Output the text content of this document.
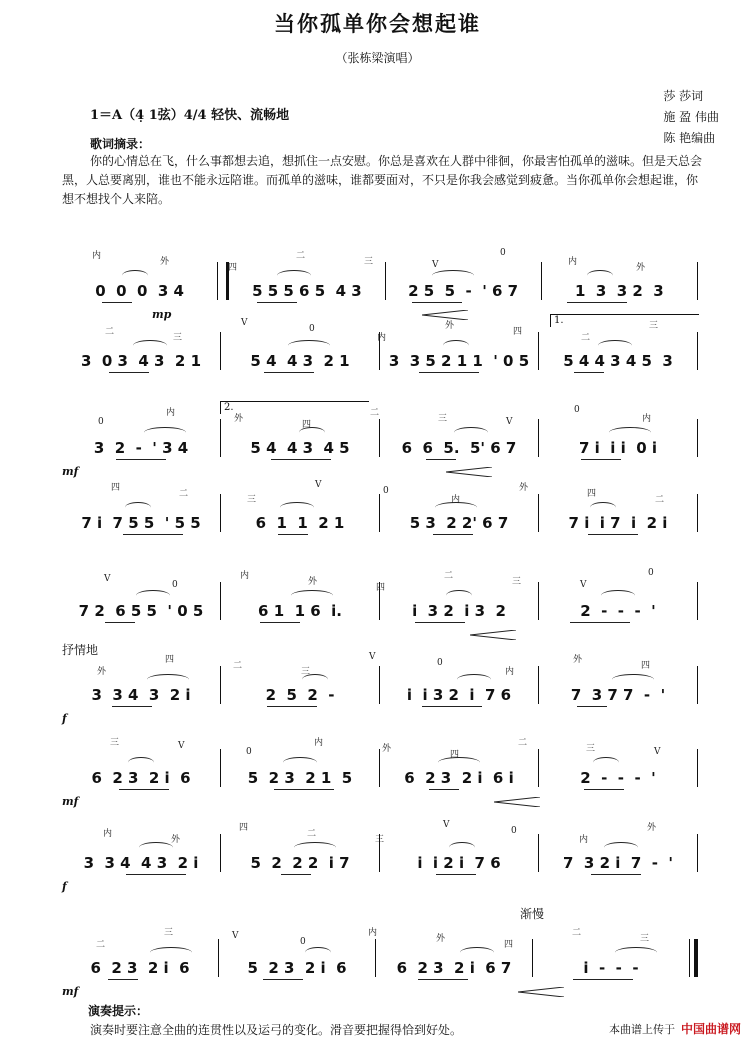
当你孤单你会想起谁
（张栋梁演唱）
莎 莎词
施 盈 伟曲
陈 艳编曲
1＝A（4̣ 1弦）4/4 轻快、流畅地
歌词摘录：
你的心情总在飞，什么事都想去追，想抓住一点安慰。你总是喜欢在人群中徘徊，你最害怕孤单的滋味。但是天总会黑，人总要离别，谁也不能永远陪谁。而孤单的滋味，谁都要面对，不只是你我会感觉到疲惫。当你孤单你会想起谁，你想不想找个人来陪。
内
外
四
二
三	V
0
内
外
0  0  0  3 4	5 5 5 6 5  4 3	2 5  5  -  ' 6 7	1  3  3 2  3
mp
二
三
V
0
内
外
四
二
三
3  0 3  4 3  2 1	5 4  4 3  2 1	3  3 5 2 1 1  ' 0 5 5 4 4 3 4 5  3
1.
0
内
外
四
二
三	V
0
内
3  2  -  ' 3 4	5 4  4 3  4 5	6  6  5.  5' 6 7	7 i  i i  0 i
mf
2.
四
二
三
V
0
内
外
四
二
7 i  7 5 5  ' 5 5	6  1  1  2 1	5 3  2 2' 6 7	7 i  i 7  i  2 i
V
0
内
外
四
二
三	V
0
7 2  6 5 5  ' 0 5	6 1  1 6  i.	i  3 2  i 3  2	2  -  -  -  '
外
四
二
三
V
0
内
外
四
3  3 4  3  2 i	2  5  2  -	i  i 3 2  i  7 6	7  3 7 7  -  '
f
三	V
0
内
外
四
二
三	V
6  2 3  2 i  6	5  2 3  2 1  5	6  2 3  2 i  6 i	2  -  -  -  '
mf
内
外
四
二
三
V
0
内
外
3  3 4  4 3  2 i	5  2  2 2  i 7	i  i 2 i  7 6	7  3 2 i  7  -  '
f
二
三	V
0
内
外
四
二
三
6  2 3  2 i  6	5  2 3  2 i  6	6  2 3  2 i  6 7	i  -  -  -
mf
抒情地
渐慢
演奏提示：
演奏时要注意全曲的连贯性以及运弓的变化。滑音要把握得恰到好处。	本曲谱上传于 中国曲谱网
